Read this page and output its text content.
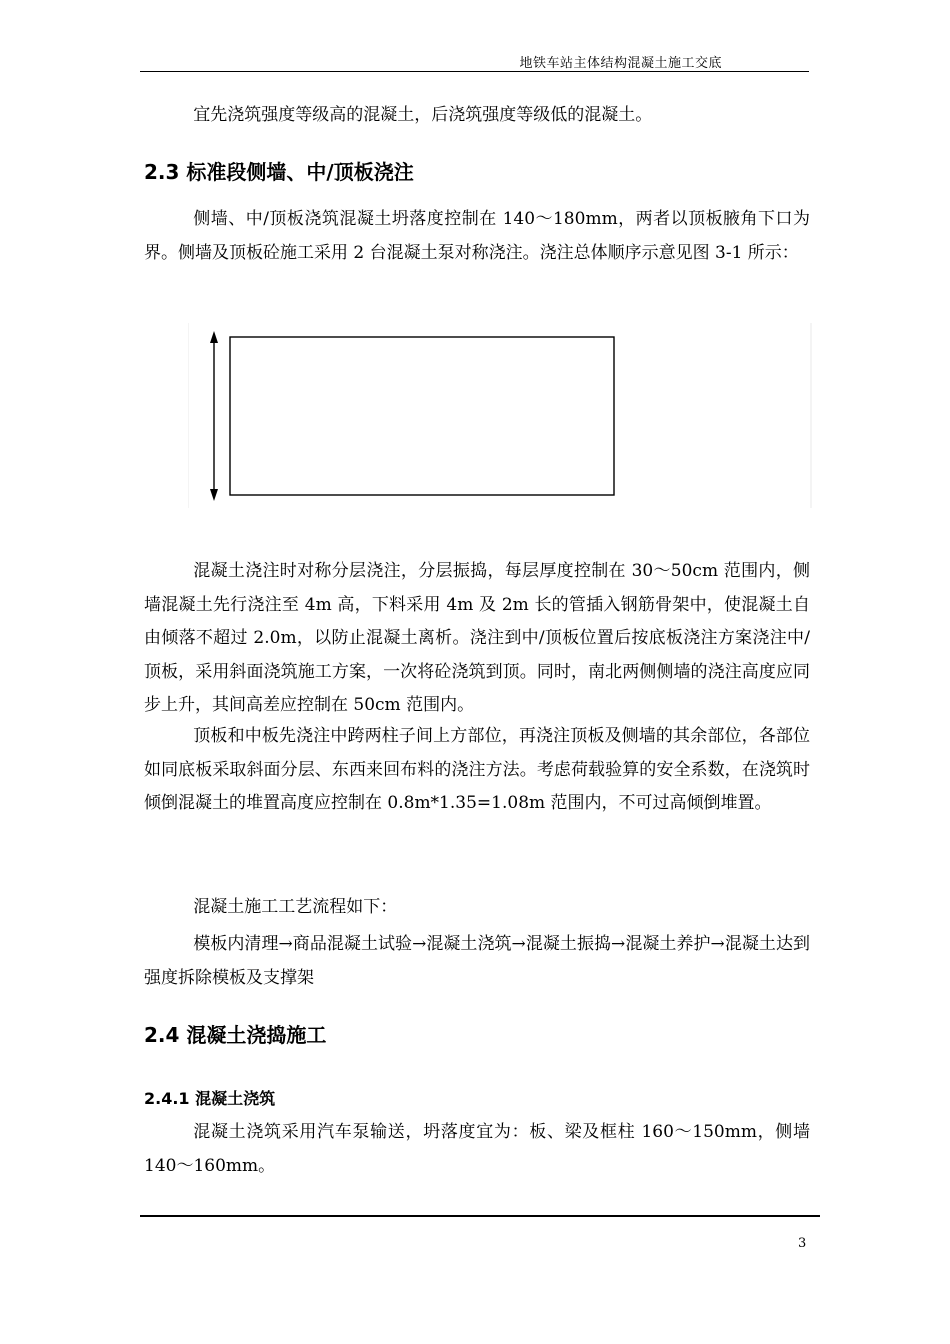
地铁车站主体结构混凝土施工交底
宜先浇筑强度等级高的混凝土，后浇筑强度等级低的混凝土。
2.3 标准段侧墙、中/顶板浇注
侧墙、中/顶板浇筑混凝土坍落度控制在 140～180mm，两者以顶板腋角下口为界。侧墙及顶板砼施工采用 2 台混凝土泵对称浇注。浇注总体顺序示意见图 3-1 所示：
混凝土浇注时对称分层浇注，分层振捣，每层厚度控制在 30～50cm 范围内，侧墙混凝土先行浇注至 4m 高，下料采用 4m 及 2m 长的管插入钢筋骨架中，使混凝土自由倾落不超过 2.0m，以防止混凝土离析。浇注到中/顶板位置后按底板浇注方案浇注中/顶板，采用斜面浇筑施工方案，一次将砼浇筑到顶。同时，南北两侧侧墙的浇注高度应同步上升，其间高差应控制在 50cm 范围内。
顶板和中板先浇注中跨两柱子间上方部位，再浇注顶板及侧墙的其余部位，各部位如同底板采取斜面分层、东西来回布料的浇注方法。考虑荷载验算的安全系数，在浇筑时倾倒混凝土的堆置高度应控制在 0.8m*1.35=1.08m 范围内，不可过高倾倒堆置。
混凝土施工工艺流程如下：
模板内清理→商品混凝土试验→混凝土浇筑→混凝土振捣→混凝土养护→混凝土达到强度拆除模板及支撑架
2.4 混凝土浇捣施工
2.4.1 混凝土浇筑
混凝土浇筑采用汽车泵输送，坍落度宜为：板、梁及框柱 160～150mm，侧墙 140～160mm。
3
